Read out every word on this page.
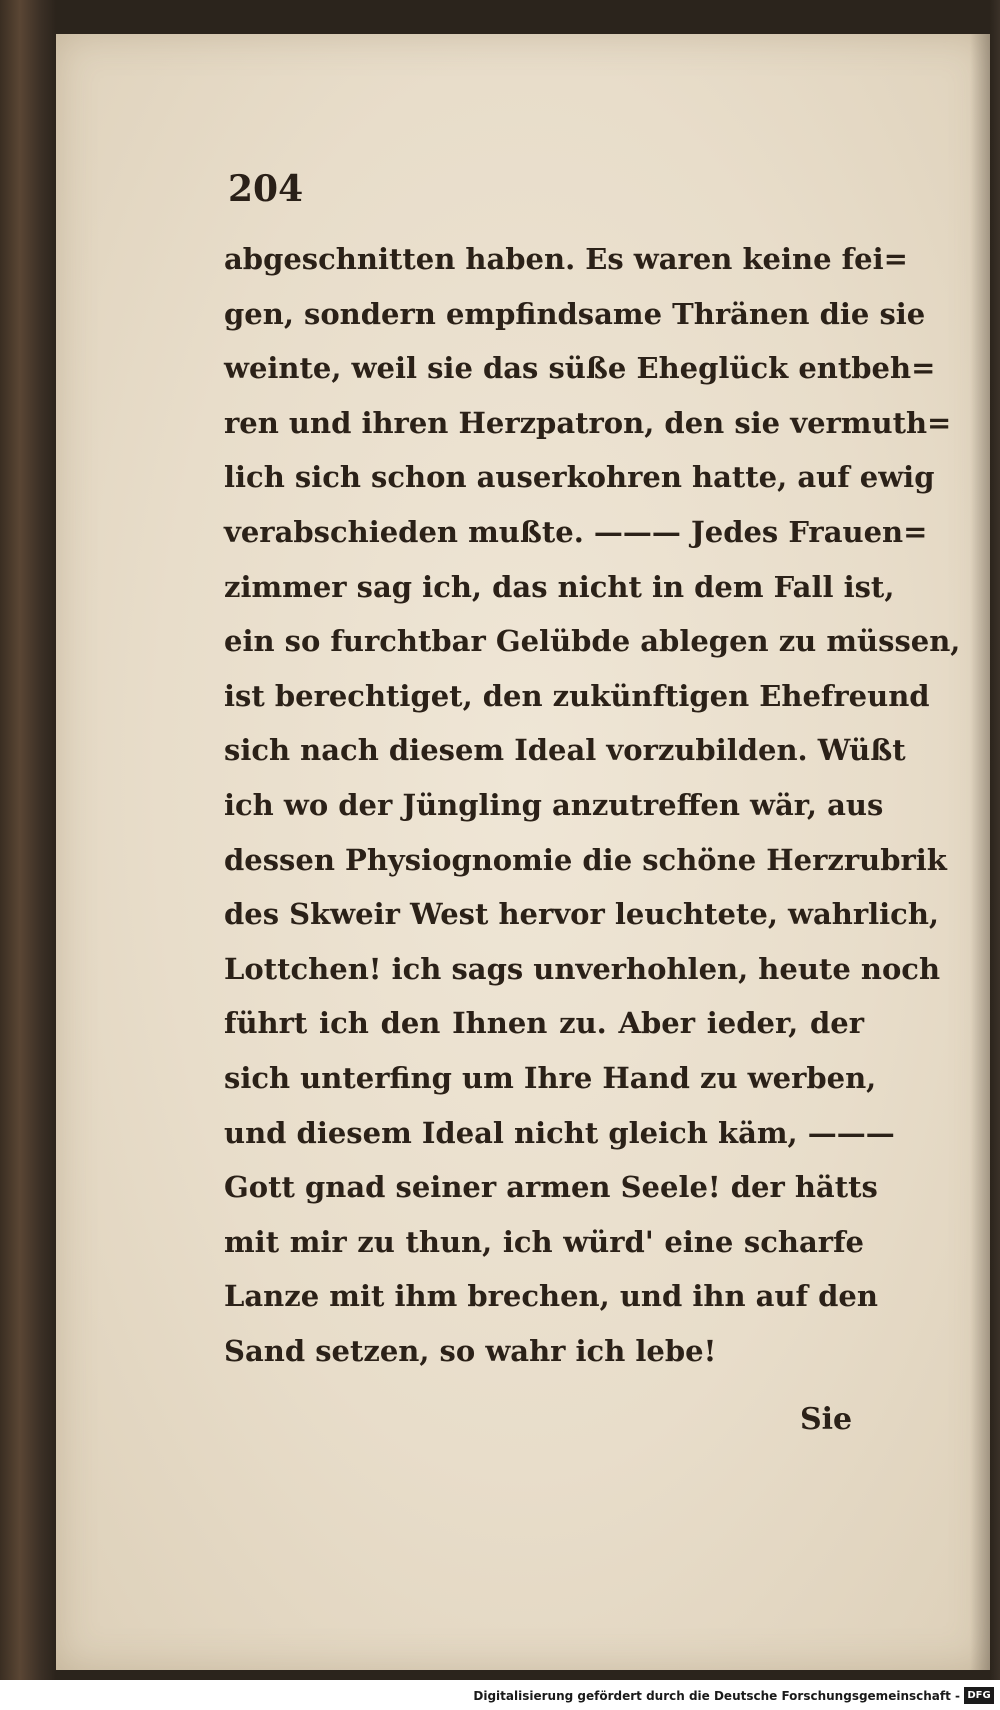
204
abgeschnitten haben. Es waren keine fei=
gen, sondern empfindsame Thränen die sie
weinte, weil sie das süße Eheglück entbeh=
ren und ihren Herzpatron, den sie vermuth=
lich sich schon auserkohren hatte, auf ewig
verabschieden mußte. ——— Jedes Frauen=
zimmer sag ich, das nicht in dem Fall ist,
ein so furchtbar Gelübde ablegen zu müssen,
ist berechtiget, den zukünftigen Ehefreund
sich nach diesem Ideal vorzubilden. Wüßt
ich wo der Jüngling anzutreffen wär, aus
dessen Physiognomie die schöne Herzrubrik
des Skweir West hervor leuchtete, wahrlich,
Lottchen! ich sags unverhohlen, heute noch
führt ich den Ihnen zu. Aber ieder, der
sich unterfing um Ihre Hand zu werben,
und diesem Ideal nicht gleich käm, ———
Gott gnad seiner armen Seele! der hätts
mit mir zu thun, ich würd' eine scharfe
Lanze mit ihm brechen, und ihn auf den
Sand setzen, so wahr ich lebe!
Sie
Digitalisierung gefördert durch die Deutsche Forschungsgemeinschaft - DFG
